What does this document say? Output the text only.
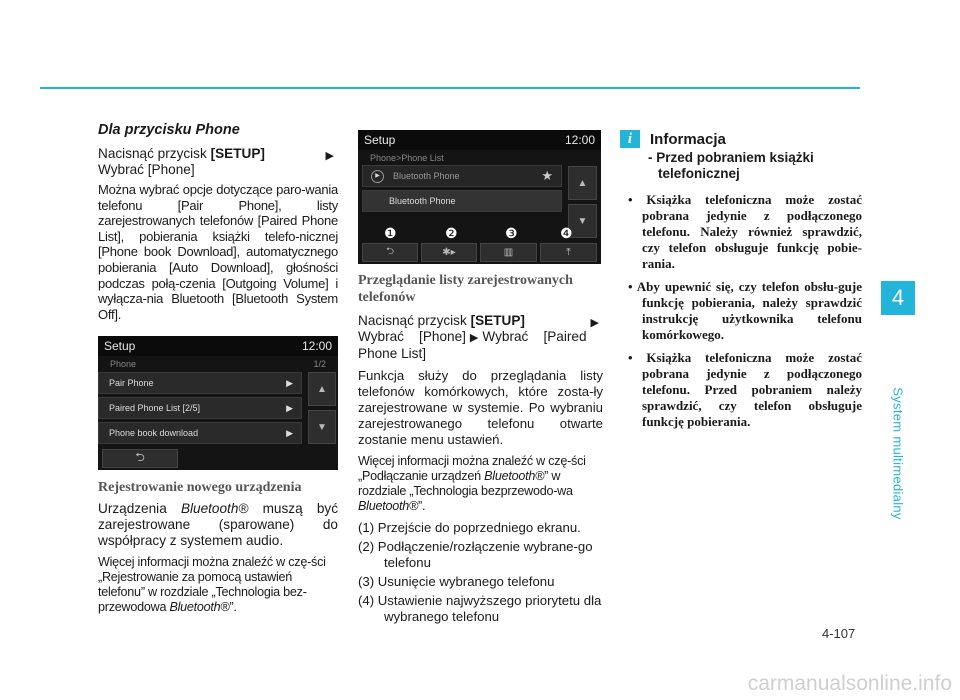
4
System multimedialny
Dla przycisku Phone
Nacisnąć przycisk [SETUP]	▶

Wybrać [Phone]
Można wybrać opcje dotyczące paro-wania telefonu [Pair Phone], listy zarejestrowanych telefonów [Paired Phone List], pobierania książki telefo-nicznej [Phone book Download], automatycznego pobierania [Auto Download], głośności podczas połą-czenia [Outgoing Volume] i wyłącza-nia Bluetooth [Bluetooth System Off].
Setup	12:00
Phone	1/2
Pair Phone	▶
Paired Phone List [2/5]	▶
Phone book download	▶
▲
▼
⮌
Rejestrowanie nowego urządzenia
Urządzenia Bluetooth® muszą być zarejestrowane (sparowane) do współpracy z systemem audio.
Więcej informacji można znaleźć w czę-ści „Rejestrowanie za pomocą ustawień telefonu” w rozdziale „Technologia bez-przewodowa Bluetooth®”.
Setup	12:00
Phone>Phone List
▶	Bluetooth Phone	★
Bluetooth Phone
▲
▼
❶	❷	❸	❹
⮌	✱▸	▥	⤒
Przeglądanie listy zarejestrowanych telefonów
Nacisnąć przycisk [SETUP]	▶

Wybrać [Phone] ▶ Wybrać [Paired Phone List]
Funkcja służy do przeglądania listy telefonów komórkowych, które zosta-ły zarejestrowane w systemie. Po wybraniu zarejestrowanego telefonu otwarte zostanie menu ustawień.
Więcej informacji można znaleźć w czę-ści „Podłączanie urządzeń Bluetooth®” w rozdziale „Technologia bezprzewodo-wa Bluetooth®”.
(1) Przejście do poprzedniego ekranu.
(2) Podłączenie/rozłączenie wybrane-go telefonu
(3) Usunięcie wybranego telefonu
(4) Ustawienie najwyższego priorytetu dla wybranego telefonu
i	Informacja
- Przed pobraniem książki telefonicznej
• Książka telefoniczna może zostać pobrana jedynie z podłączonego telefonu. Należy również sprawdzić, czy telefon obsługuje funkcję pobie-rania.
• Aby upewnić się, czy telefon obsłu-guje funkcję pobierania, należy sprawdzić instrukcję użytkownika telefonu komórkowego.
• Książka telefoniczna może zostać pobrana jedynie z podłączonego telefonu. Przed pobraniem należy sprawdzić, czy telefon obsługuje funkcję pobierania.
4-107
carmanualsonline.info
